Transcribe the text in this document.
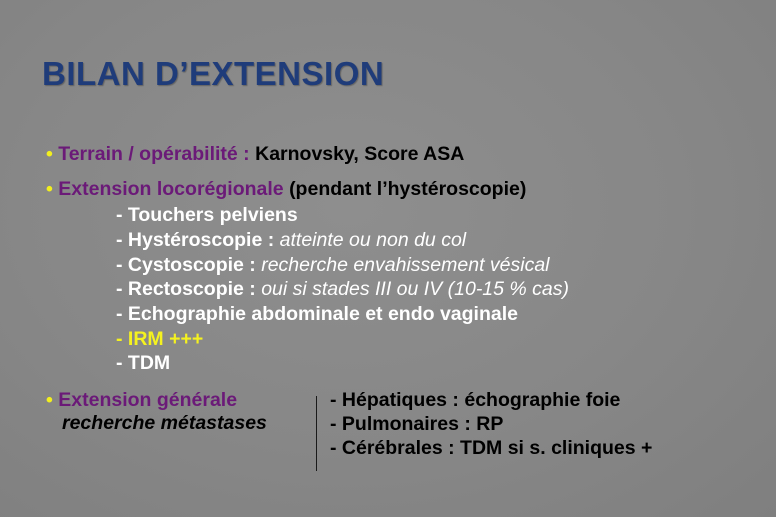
BILAN D’EXTENSION
• Terrain / opérabilité : Karnovsky, Score ASA
• Extension locorégionale (pendant l’hystéroscopie)
- Touchers pelviens
- Hystéroscopie : atteinte ou non du col
- Cystoscopie : recherche envahissement vésical
- Rectoscopie : oui si stades III ou IV (10-15 % cas)
- Echographie abdominale et endo vaginale
- IRM +++
- TDM
• Extension générale
recherche métastases
- Hépatiques : échographie foie
- Pulmonaires : RP
- Cérébrales : TDM si s. cliniques +
